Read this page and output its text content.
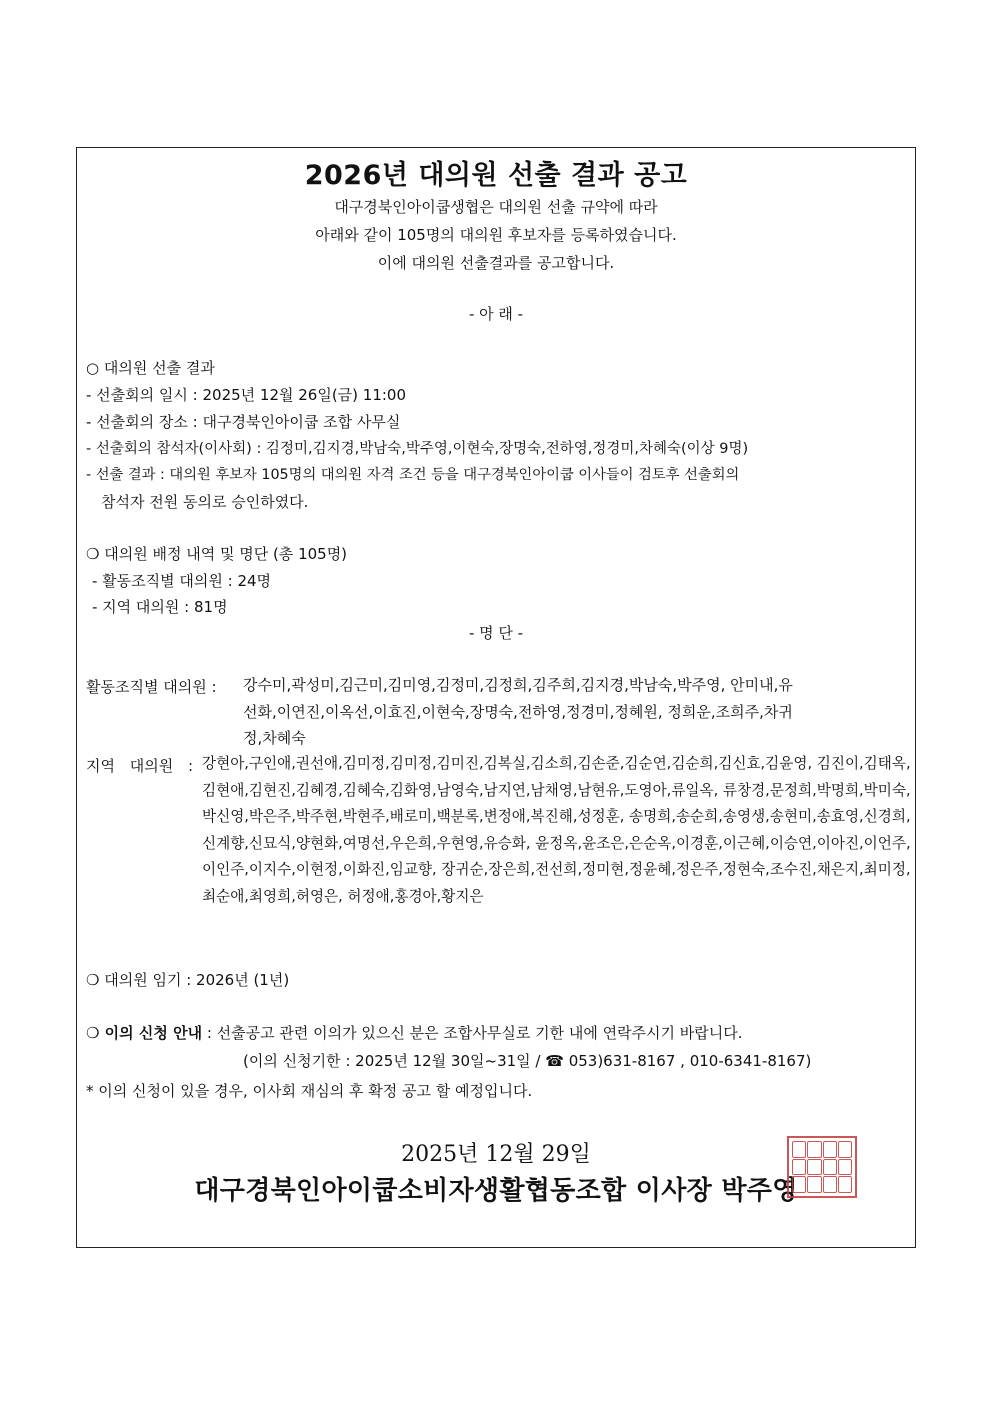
2026년 대의원 선출 결과 공고
대구경북인아이쿱생협은 대의원 선출 규약에 따라
아래와 같이 105명의 대의원 후보자를 등록하였습니다.
이에 대의원 선출결과를 공고합니다.
- 아 래 -
○ 대의원 선출 결과
- 선출회의 일시 : 2025년 12월 26일(금) 11:00
- 선출회의 장소 : 대구경북인아이쿱 조합 사무실
- 선출회의 참석자(이사회) : 김정미,김지경,박남숙,박주영,이현숙,장명숙,전하영,정경미,차혜숙(이상 9명)
- 선출 결과 : 대의원 후보자 105명의 대의원 자격 조건 등을 대구경북인아이쿱 이사들이 검토후 선출회의
참석자 전원 동의로 승인하였다.
❍ 대의원 배정 내역 및 명단 (총 105명)
- 활동조직별 대의원 : 24명
- 지역 대의원 : 81명
- 명 단 -
활동조직별 대의원 : 강수미,곽성미,김근미,김미영,김정미,김정희,김주희,김지경,박남숙,박주영, 안미내,유선화,이연진,이옥선,이효진,이현숙,장명숙,전하영,정경미,정혜원, 정희운,조희주,차귀정,차혜숙
지역 대의원 : 강현아,구인애,권선애,김미정,김미정,김미진,김복실,김소희,김손준,김순연,김순희,김신효,김윤영, 김진이,김태옥,김현애,김현진,김혜경,김혜숙,김화영,남영숙,남지연,남채영,남현유,도영아,류일옥, 류창경,문정희,박명희,박미숙,박신영,박은주,박주현,박현주,배로미,백분록,변정애,복진해,성정훈, 송명희,송순희,송영생,송현미,송효영,신경희,신계향,신묘식,양현화,여명선,우은희,우현영,유승화, 윤정옥,윤조은,은순옥,이경훈,이근혜,이승연,이아진,이언주,이인주,이지수,이현정,이화진,임교향, 장귀순,장은희,전선희,정미현,정윤혜,정은주,정현숙,조수진,채은지,최미정,최순애,최영희,허영은, 허정애,홍경아,황지은
❍ 대의원 임기 : 2026년 (1년)
❍ 이의 신청 안내 : 선출공고 관련 이의가 있으신 분은 조합사무실로 기한 내에 연락주시기 바랍니다.
(이의 신청기한 : 2025년 12월 30일~31일 / ☎ 053)631-8167 , 010-6341-8167)
* 이의 신청이 있을 경우, 이사회 재심의 후 확정 공고 할 예정입니다.
2025년 12월 29일
대구경북인아이쿱소비자생활협동조합 이사장 박주영
